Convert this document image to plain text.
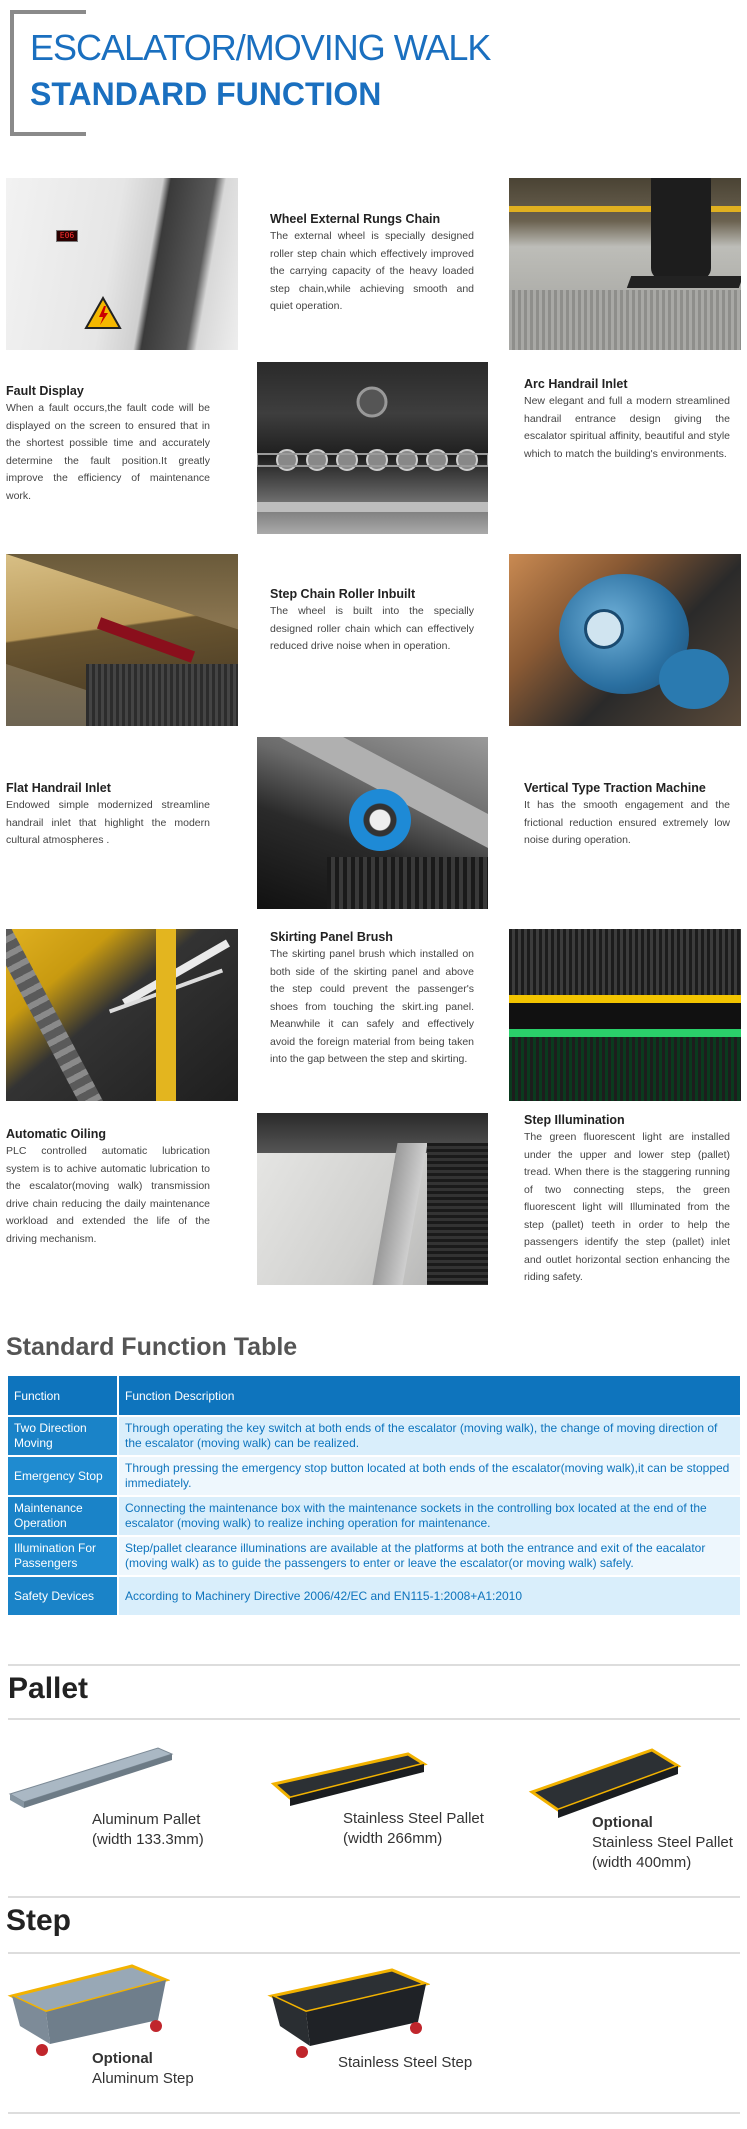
ESCALATOR/MOVING WALK
STANDARD FUNCTION
E06
Wheel External Rungs Chain
The external wheel is specially designed roller step chain which effectively improved the carrying capacity of the heavy loaded step chain,while achieving smooth and quiet operation.
Fault Display
When a fault occurs,the fault code will be displayed on the screen to ensured that in the shortest possible time and accurately determine the fault position.It greatly improve the efficiency of maintenance work.
Arc Handrail Inlet
New elegant and full a modern streamlined handrail entrance design giving the escalator spiritual affinity, beautiful and style which to match the building's environments.
Step Chain Roller Inbuilt
The wheel is built into the specially designed roller chain which can effectively reduced drive noise when in operation.
Flat Handrail Inlet
Endowed simple modernized streamline handrail inlet that highlight the modern cultural atmospheres .
Vertical Type Traction Machine
It has the smooth engagement and the frictional reduction ensured extremely low noise during operation.
Skirting Panel Brush
The skirting panel brush which installed on both side of the skirting panel and above the step could prevent the passenger's shoes from touching the skirt.ing panel. Meanwhile it can safely and effectively avoid the foreign material from being taken into the gap between the step and skirting.
Automatic Oiling
PLC controlled automatic lubrication system is to achive automatic lubrication to the escalator(moving walk) transmission drive chain reducing the daily maintenance workload and extended the life of the driving mechanism.
Step Illumination
The green fluorescent light are installed under the upper and lower step (pallet) tread. When there is the staggering running of two connecting steps, the green fluorescent light will Illuminated from the step (pallet) teeth in order to help the passengers identify the step (pallet) inlet and outlet horizontal section enhancing the riding safety.
Standard Function Table
Function	Function Description
Two Direction Moving	Through operating the key switch at both ends of the escalator (moving walk), the change of moving direction of the escalator (moving walk) can be realized.
Emergency Stop	Through pressing the emergency stop button located at both ends of the escalator(moving walk),it can be stopped immediately.
Maintenance Operation	Connecting the maintenance box with the maintenance sockets in the controlling box located at the end of the escalator (moving walk) to realize inching operation for maintenance.
Illumination For Passengers	Step/pallet clearance illuminations are available at the platforms at both the entrance and exit of the eacalator (moving walk) as to guide the passengers to enter or leave the escalator(or moving walk) safely.
Safety Devices	According to Machinery Directive 2006/42/EC and EN115-1:2008+A1:2010
Pallet
Aluminum Pallet
(width 133.3mm)
Stainless Steel Pallet
(width 266mm)
Optional
Stainless Steel Pallet
(width 400mm)
Step
Optional
Aluminum Step
Stainless Steel Step
